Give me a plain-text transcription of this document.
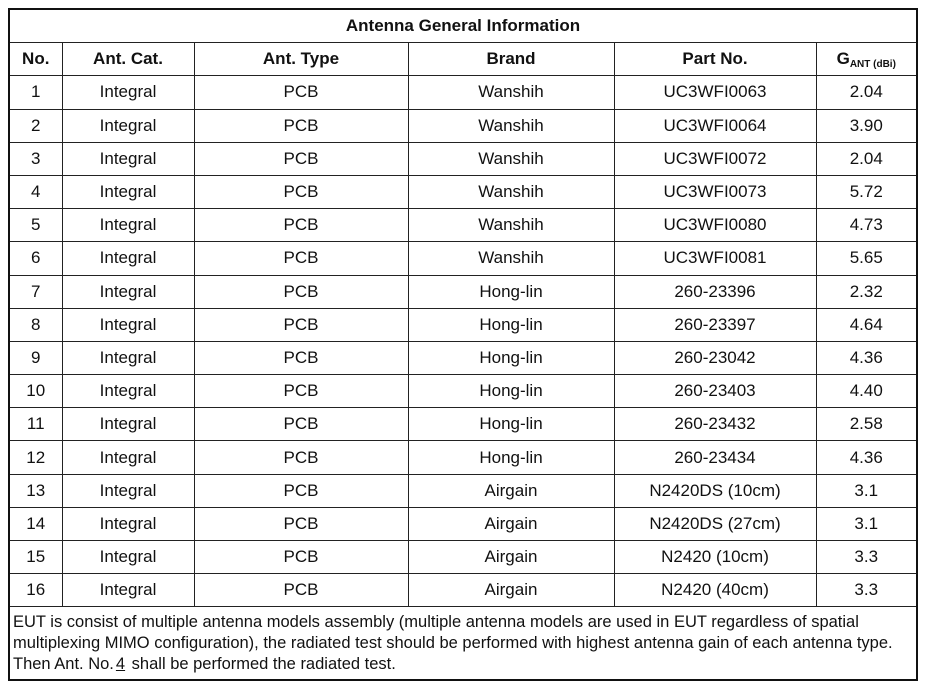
Antenna General Information					
No.	Ant. Cat.	Ant. Type	Brand	Part No.	GANT (dBi)
1	Integral	PCB	Wanshih	UC3WFI0063	2.04
2	Integral	PCB	Wanshih	UC3WFI0064	3.90
3	Integral	PCB	Wanshih	UC3WFI0072	2.04
4	Integral	PCB	Wanshih	UC3WFI0073	5.72
5	Integral	PCB	Wanshih	UC3WFI0080	4.73
6	Integral	PCB	Wanshih	UC3WFI0081	5.65
7	Integral	PCB	Hong-lin	260-23396	2.32
8	Integral	PCB	Hong-lin	260-23397	4.64
9	Integral	PCB	Hong-lin	260-23042	4.36
10	Integral	PCB	Hong-lin	260-23403	4.40
11	Integral	PCB	Hong-lin	260-23432	2.58
12	Integral	PCB	Hong-lin	260-23434	4.36
13	Integral	PCB	Airgain	N2420DS (10cm)	3.1
14	Integral	PCB	Airgain	N2420DS (27cm)	3.1
15	Integral	PCB	Airgain	N2420 (10cm)	3.3
16	Integral	PCB	Airgain	N2420 (40cm)	3.3
EUT is consist of multiple antenna models assembly (multiple antenna models are used in EUT regardless of spatial multiplexing MIMO configuration), the radiated test should be performed with highest antenna gain of each antenna type. Then Ant. No. 4 shall be performed the radiated test.					
